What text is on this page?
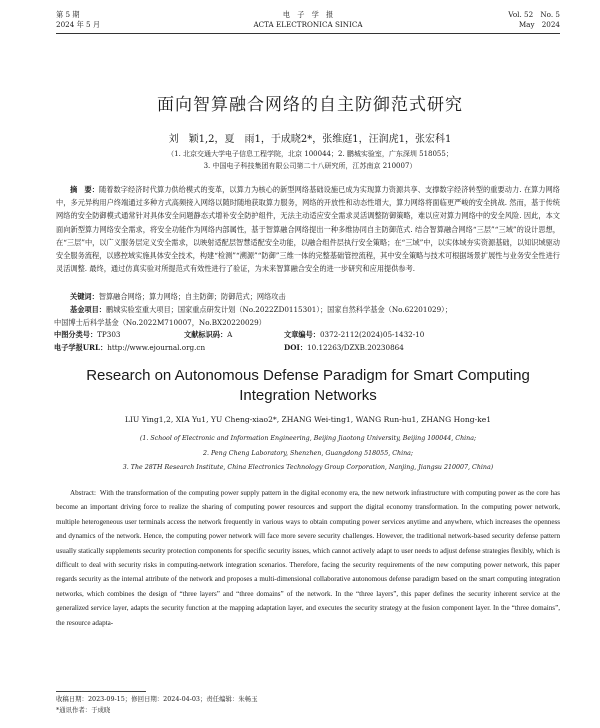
第 5 期
2024 年 5 月
电　子　学　报
ACTA ELECTRONICA SINICA
Vol. 52　No. 5
May　2024
面向智算融合网络的自主防御范式研究
刘　颖1,2，夏　雨1，于成晓2*，张维庭1，汪润虎1，张宏科1
（1. 北京交通大学电子信息工程学院，北京 100044；2. 鹏城实验室，广东深圳 518055；
3. 中国电子科技集团有限公司第二十八研究所，江苏南京 210007）
摘　要：随着数字经济时代算力供给模式的变革，以算力为核心的新型网络基础设施已成为实现算力资源共享、支撑数字经济转型的重要动力. 在算力网络中，多元异构用户终端通过多种方式高频接入网络以随时随地获取算力服务，网络的开放性和动态性增大，算力网络将面临更严峻的安全挑战. 然而，基于传统网络的安全防御模式通常针对具体安全问题静态式增补安全防护组件，无法主动适应安全需求灵活调整防御策略，难以应对算力网络中的安全风险. 因此，本文面向新型算力网络安全需求，将安全功能作为网络内部属性，基于智算融合网络提出一种多维协同自主防御范式. 结合智算融合网络“三层”“三域”的设计思想，在“三层”中，以广义服务层定义安全需求，以映射适配层智慧适配安全功能，以融合组件层执行安全策略；在“三域”中，以实体域夯实资源基础，以知识域驱动安全服务流程，以感控域实施具体安全技术，构建“检测”“溯源”“防御”三维一体的完整基础管控流程，其中安全策略与技术可根据场景扩展性与业务安全性进行灵活调整. 最终，通过仿真实验对所提范式有效性进行了验证，为未来智算融合安全的进一步研究和应用提供参考.
关键词：智算融合网络；算力网络；自主防御；防御范式；网络攻击
基金项目：鹏城实验室重大项目；国家重点研发计划（No.2022ZD0115301）；国家自然科学基金（No.62201029）；
中国博士后科学基金（No.2022M710007，No.BX20220029）
中图分类号：TP303	文献标识码：A	文章编号：0372-2112(2024)05-1432-10
电子学报URL：http://www.ejournal.org.cn	DOI：10.12263/DZXB.20230864
Research on Autonomous Defense Paradigm for Smart Computing
Integration Networks
LIU Ying1,2, XIA Yu1, YU Cheng-xiao2*, ZHANG Wei-ting1, WANG Run-hu1, ZHANG Hong-ke1
(1. School of Electronic and Information Engineering, Beijing Jiaotong University, Beijing 100044, China;
2. Peng Cheng Laboratory, Shenzhen, Guangdong 518055, China;
3. The 28TH Research Institute, China Electronics Technology Group Corporation, Nanjing, Jiangsu 210007, China)
Abstract: With the transformation of the computing power supply pattern in the digital economy era, the new network infrastructure with computing power as the core has become an important driving force to realize the sharing of computing power resources and support the digital economy transformation. In the computing power network, multiple heterogeneous user terminals access the network frequently in various ways to obtain computing power services anytime and anywhere, which increases the openness and dynamics of the network. Hence, the computing power network will face more severe security challenges. However, the traditional network-based security defense pattern usually statically supplements security protection components for specific security issues, which cannot actively adapt to user needs to adjust defense strategies flexibly, which is difficult to deal with security risks in computing-network integration scenarios. Therefore, facing the security requirements of the new computing power network, this paper regards security as the internal attribute of the network and proposes a multi-dimensional collaborative autonomous defense paradigm based on the smart computing integration networks, which combines the design of “three layers” and “three domains” of the network. In the “three layers”, this paper defines the security inherent service at the generalized service layer, adapts the security function at the mapping adaptation layer, and executes the security strategy at the fusion component layer. In the “three domains”, the resource adapta-
收稿日期：2023-09-15；修回日期：2024-04-03；责任编辑：朱畅玉
*通讯作者：于成晓
